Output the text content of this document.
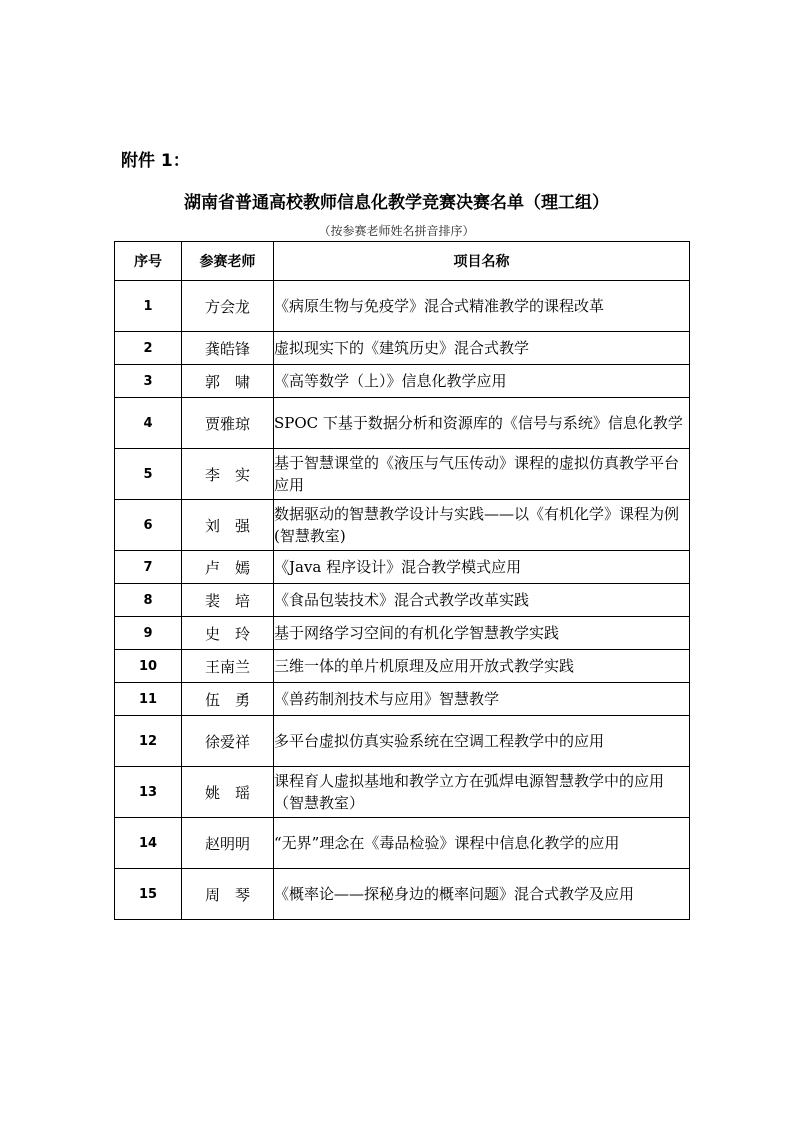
附件 1：
湖南省普通高校教师信息化教学竞赛决赛名单（理工组）
（按参赛老师姓名拼音排序）
序号	参赛老师	项目名称
1	方会龙	《病原生物与免疫学》混合式精准教学的课程改革
2	龚皓锋	虚拟现实下的《建筑历史》混合式教学
3	郭　啸	《高等数学（上）》信息化教学应用
4	贾雅琼	SPOC 下基于数据分析和资源库的《信号与系统》信息化教学
5	李　实	基于智慧课堂的《液压与气压传动》课程的虚拟仿真教学平台应用
6	刘　强	数据驱动的智慧教学设计与实践——以《有机化学》课程为例(智慧教室)
7	卢　嫣	《Java 程序设计》混合教学模式应用
8	裴　培	《食品包装技术》混合式教学改革实践
9	史　玲	基于网络学习空间的有机化学智慧教学实践
10	王南兰	三维一体的单片机原理及应用开放式教学实践
11	伍　勇	《兽药制剂技术与应用》智慧教学
12	徐爱祥	多平台虚拟仿真实验系统在空调工程教学中的应用
13	姚　瑶	课程育人虚拟基地和教学立方在弧焊电源智慧教学中的应用（智慧教室）
14	赵明明	“无界”理念在《毒品检验》课程中信息化教学的应用
15	周　琴	《概率论——探秘身边的概率问题》混合式教学及应用
